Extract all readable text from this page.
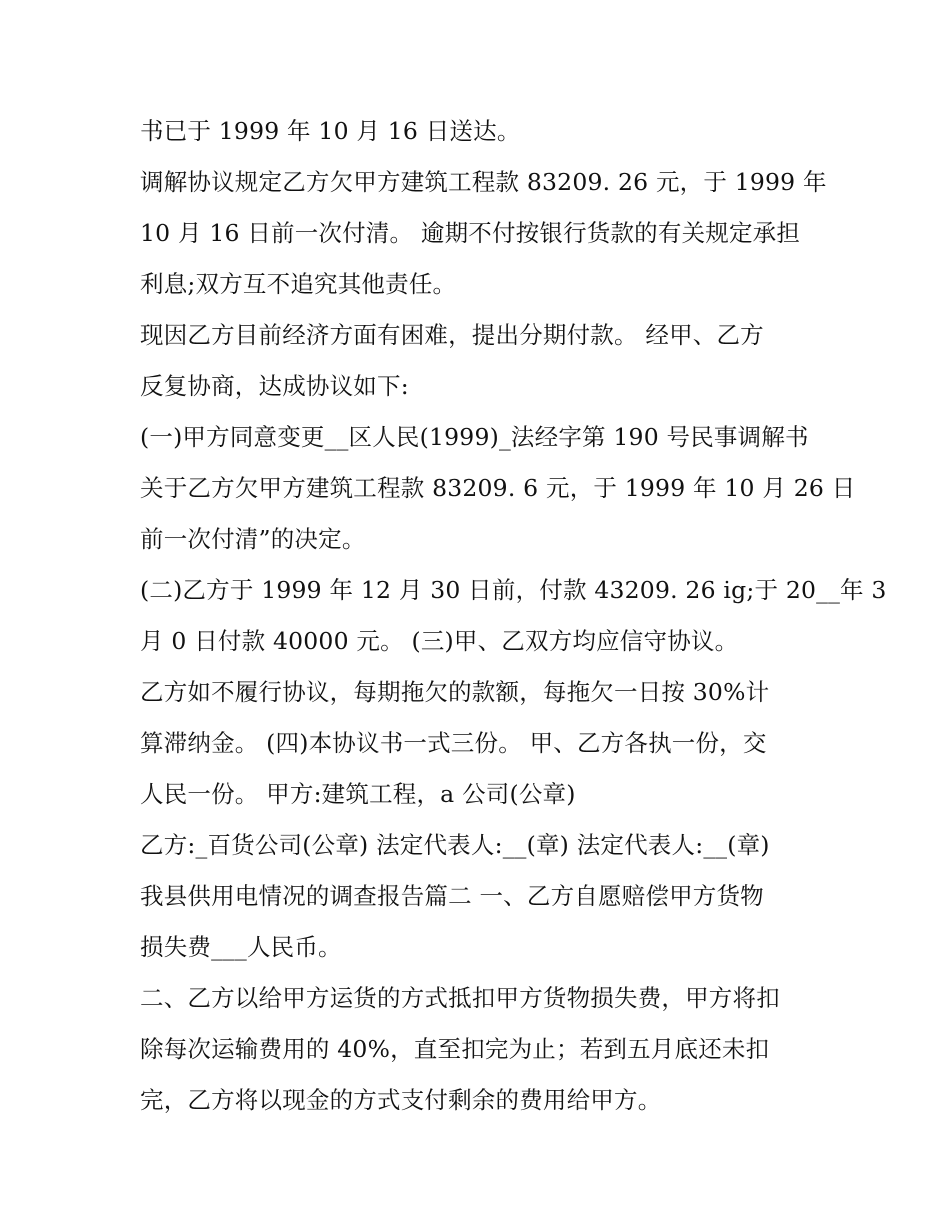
书已于 1999 年 10 月 16 日送达。
调解协议规定乙方欠甲方建筑工程款 83209. 26 元，于 1999 年
10 月 16 日前一次付清。 逾期不付按银行货款的有关规定承担
利息;双方互不追究其他责任。
现因乙方目前经济方面有困难，提出分期付款。 经甲、乙方
反复协商，达成协议如下:
(一)甲方同意变更__区人民(1999)_法经字第 190 号民事调解书
关于乙方欠甲方建筑工程款 83209. 6 元，于 1999 年 10 月 26 日
前一次付清”的决定。
(二)乙方于 1999 年 12 月 30 日前，付款 43209. 26 ig;于 20__年 3
月 0 日付款 40000 元。 (三)甲、乙双方均应信守协议。
乙方如不履行协议，每期拖欠的款额，每拖欠一日按 30%计
算滞纳金。 (四)本协议书一式三份。 甲、乙方各执一份，交
人民一份。 甲方:建筑工程，a 公司(公章)
乙方:_百货公司(公章) 法定代表人:__(章) 法定代表人:__(章)
我县供用电情况的调查报告篇二 一、乙方自愿赔偿甲方货物
损失费___人民币。
二、乙方以给甲方运货的方式抵扣甲方货物损失费，甲方将扣
除每次运输费用的 40%，直至扣完为止；若到五月底还未扣
完，乙方将以现金的方式支付剩余的费用给甲方。
